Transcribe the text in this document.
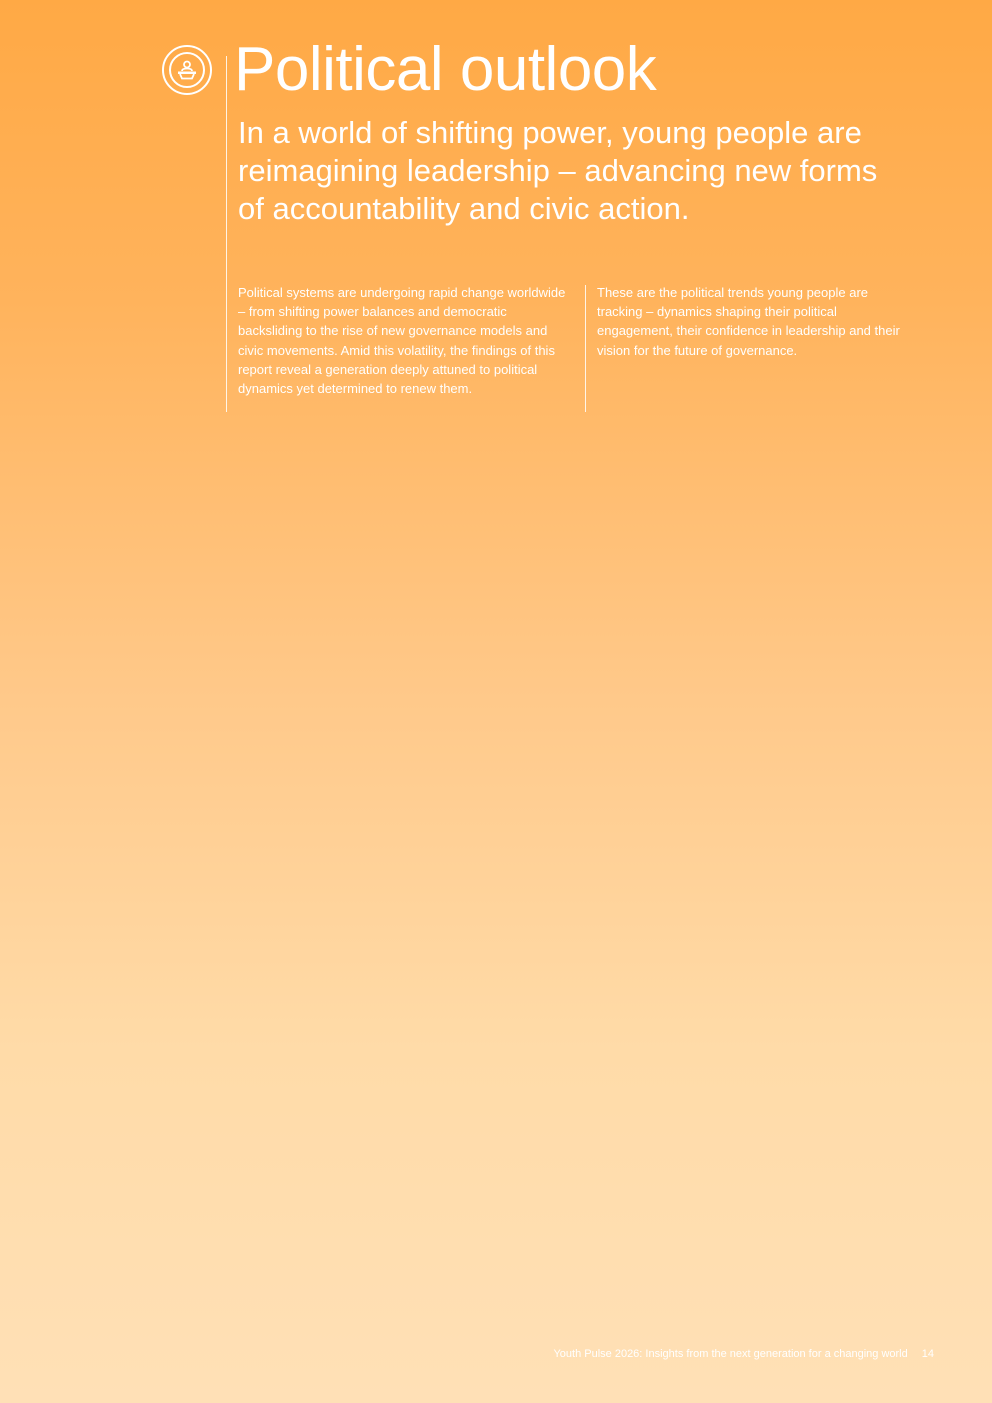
Political outlook

In a world of shifting power, young people are reimagining leadership – advancing new forms of accountability and civic action.

Political systems are undergoing rapid change worldwide – from shifting power balances and democratic backsliding to the rise of new governance models and civic movements. Amid this volatility, the findings of this report reveal a generation deeply attuned to political dynamics yet determined to renew them.

These are the political trends young people are tracking – dynamics shaping their political engagement, their confidence in leadership and their vision for the future of governance.

Youth Pulse 2026: Insights from the next generation for a changing world 14
